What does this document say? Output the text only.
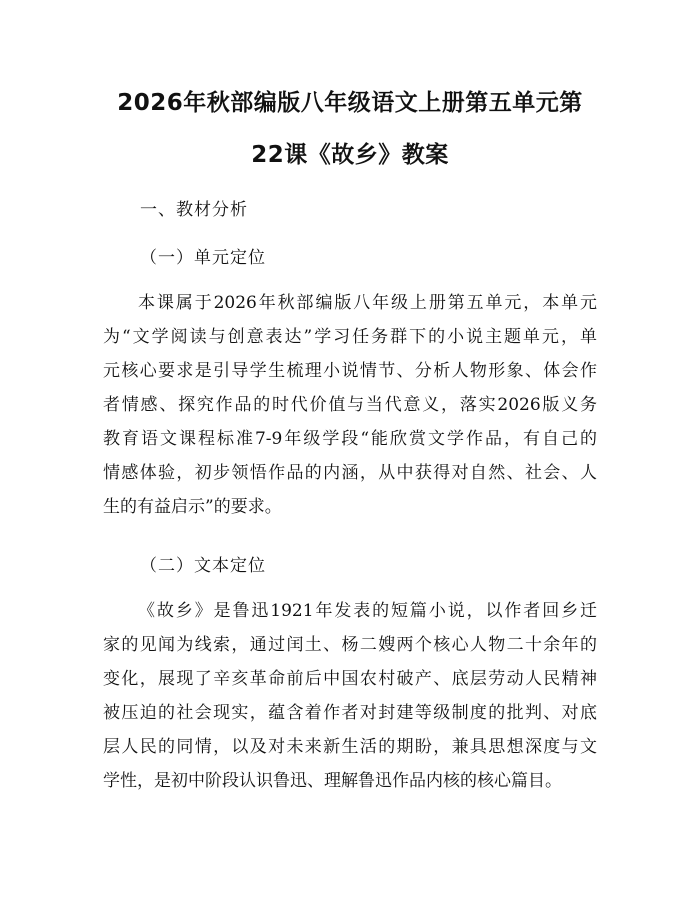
2026年秋部编版八年级语文上册第五单元第
22课《故乡》教案

一、教材分析

（一）单元定位

本课属于2026年秋部编版八年级上册第五单元，本单元
为“文学阅读与创意表达”学习任务群下的小说主题单元，单
元核心要求是引导学生梳理小说情节、分析人物形象、体会作
者情感、探究作品的时代价值与当代意义，落实2026版义务
教育语文课程标准7-9年级学段“能欣赏文学作品，有自己的
情感体验，初步领悟作品的内涵，从中获得对自然、社会、人
生的有益启示”的要求。

（二）文本定位

《故乡》是鲁迅1921年发表的短篇小说，以作者回乡迁
家的见闻为线索，通过闰土、杨二嫂两个核心人物二十余年的
变化，展现了辛亥革命前后中国农村破产、底层劳动人民精神
被压迫的社会现实，蕴含着作者对封建等级制度的批判、对底
层人民的同情，以及对未来新生活的期盼，兼具思想深度与文
学性，是初中阶段认识鲁迅、理解鲁迅作品内核的核心篇目。
